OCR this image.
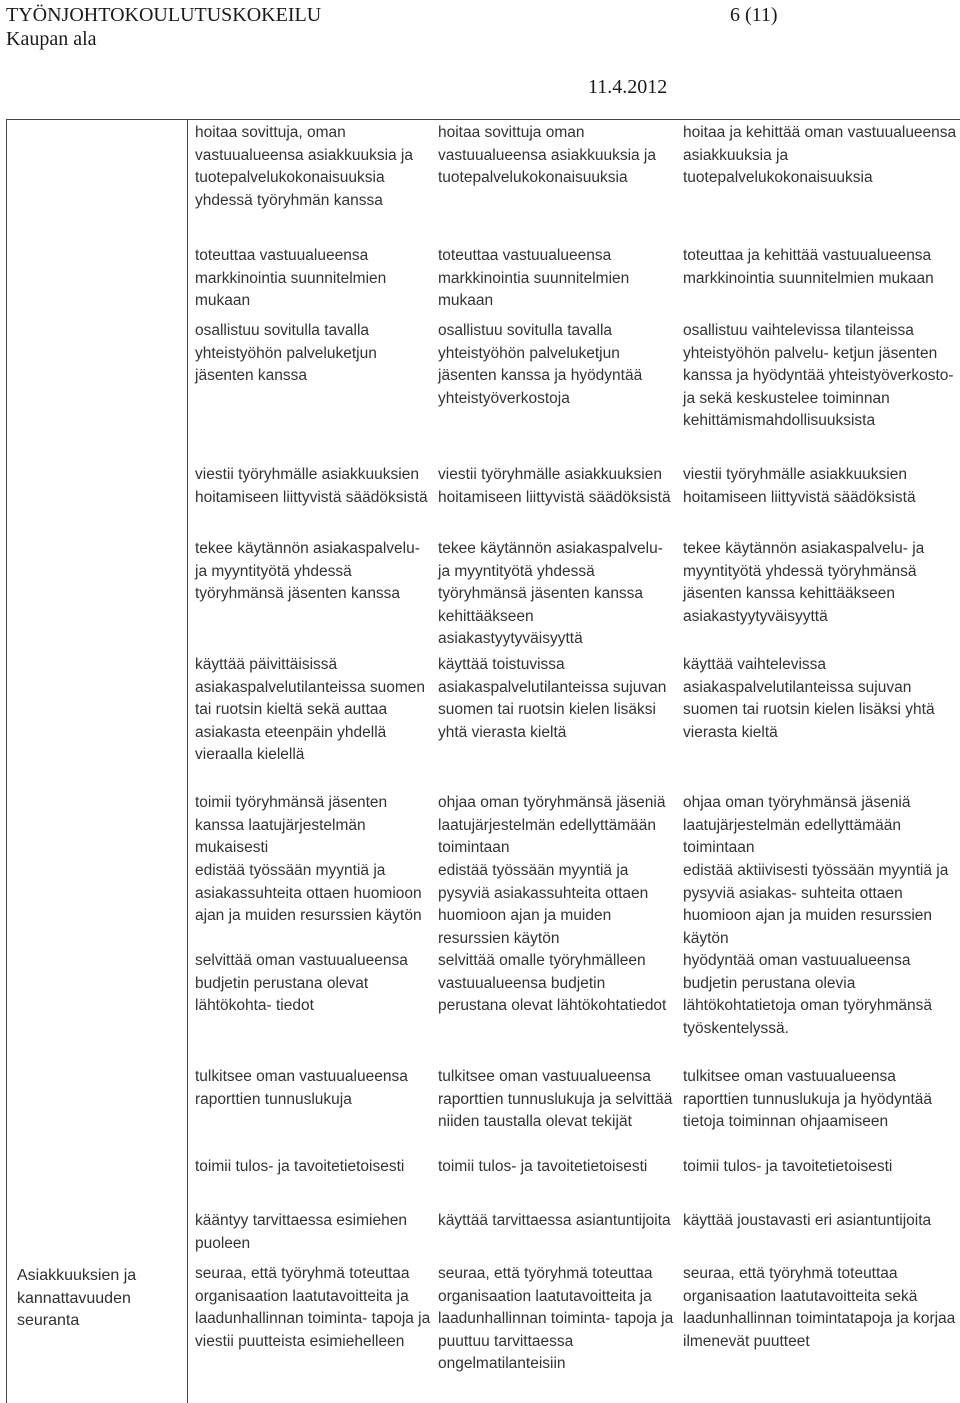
TYÖNJOHTOKOULUTUSKOKEILU
Kaupan ala
6 (11)
11.4.2012
Asiakkuuksien ja kannattavuuden seuranta
hoitaa sovittuja, oman vastuualueensa asiakkuuksia ja tuotepalvelukokonaisuuksia yhdessä työryhmän kanssa
hoitaa sovittuja oman vastuualueensa asiakkuuksia ja tuotepalvelukokonaisuuksia
hoitaa ja kehittää oman vastuualueensa asiakkuuksia ja tuotepalvelukokonaisuuksia
toteuttaa vastuualueensa markkinointia suunnitelmien mukaan
toteuttaa vastuualueensa markkinointia suunnitelmien mukaan
toteuttaa ja kehittää vastuualueensa markkinointia suunnitelmien mukaan
osallistuu sovitulla tavalla yhteistyöhön palveluketjun jäsenten kanssa
osallistuu sovitulla tavalla yhteistyöhön palveluketjun jäsenten kanssa ja hyödyntää yhteistyöverkostoja
osallistuu vaihtelevissa tilanteissa yhteistyöhön palvelu- ketjun jäsenten kanssa ja hyödyntää yhteistyöverkosto- ja sekä keskustelee toiminnan kehittämismahdollisuuksista
viestii työryhmälle asiakkuuksien hoitamiseen liittyvistä säädöksistä
viestii työryhmälle asiakkuuksien hoitamiseen liittyvistä säädöksistä
viestii työryhmälle asiakkuuksien hoitamiseen liittyvistä säädöksistä
tekee käytännön asiakaspalvelu- ja myyntityötä yhdessä työryhmänsä jäsenten kanssa
tekee käytännön asiakaspalvelu- ja myyntityötä yhdessä työryhmänsä jäsenten kanssa kehittääkseen asiakastyytyväisyyttä
tekee käytännön asiakaspalvelu- ja myyntityötä yhdessä työryhmänsä jäsenten kanssa kehittääkseen asiakastyytyväisyyttä
käyttää päivittäisissä asiakaspalvelutilanteissa suomen tai ruotsin kieltä sekä auttaa asiakasta eteenpäin yhdellä vieraalla kielellä
käyttää toistuvissa asiakaspalvelutilanteissa sujuvan suomen tai ruotsin kielen lisäksi yhtä vierasta kieltä
käyttää vaihtelevissa asiakaspalvelutilanteissa sujuvan suomen tai ruotsin kielen lisäksi yhtä vierasta kieltä
toimii työryhmänsä jäsenten kanssa laatujärjestelmän mukaisesti
ohjaa oman työryhmänsä jäseniä laatujärjestelmän edellyttämään toimintaan
ohjaa oman työryhmänsä jäseniä laatujärjestelmän edellyttämään toimintaan
edistää työssään myyntiä ja asiakassuhteita ottaen huomioon ajan ja muiden resurssien käytön
edistää työssään myyntiä ja pysyviä asiakassuhteita ottaen huomioon ajan ja muiden resurssien käytön
edistää aktiivisesti työssään myyntiä ja pysyviä asiakas- suhteita ottaen huomioon ajan ja muiden resurssien käytön
selvittää oman vastuualueensa budjetin perustana olevat lähtökohta- tiedot
selvittää omalle työryhmälleen vastuualueensa budjetin perustana olevat lähtökohtatiedot
hyödyntää oman vastuualueensa budjetin perustana olevia lähtökohtatietoja oman työryhmänsä työskentelyssä.
tulkitsee oman vastuualueensa raporttien tunnuslukuja
tulkitsee oman vastuualueensa raporttien tunnuslukuja ja selvittää niiden taustalla olevat tekijät
tulkitsee oman vastuualueensa raporttien tunnuslukuja ja hyödyntää tietoja toiminnan ohjaamiseen
toimii tulos- ja tavoitetietoisesti	toimii tulos- ja tavoitetietoisesti	toimii tulos- ja tavoitetietoisesti
kääntyy tarvittaessa esimiehen puoleen
käyttää tarvittaessa asiantuntijoita käyttää joustavasti eri asiantuntijoita
seuraa, että työryhmä toteuttaa organisaation laatutavoitteita ja laadunhallinnan toiminta- tapoja ja viestii puutteista esimiehelleen
seuraa, että työryhmä toteuttaa organisaation laatutavoitteita ja laadunhallinnan toiminta- tapoja ja puuttuu tarvittaessa ongelmatilanteisiin
seuraa, että työryhmä toteuttaa organisaation laatutavoitteita sekä laadunhallinnan toimintatapoja ja korjaa ilmenevät puutteet
